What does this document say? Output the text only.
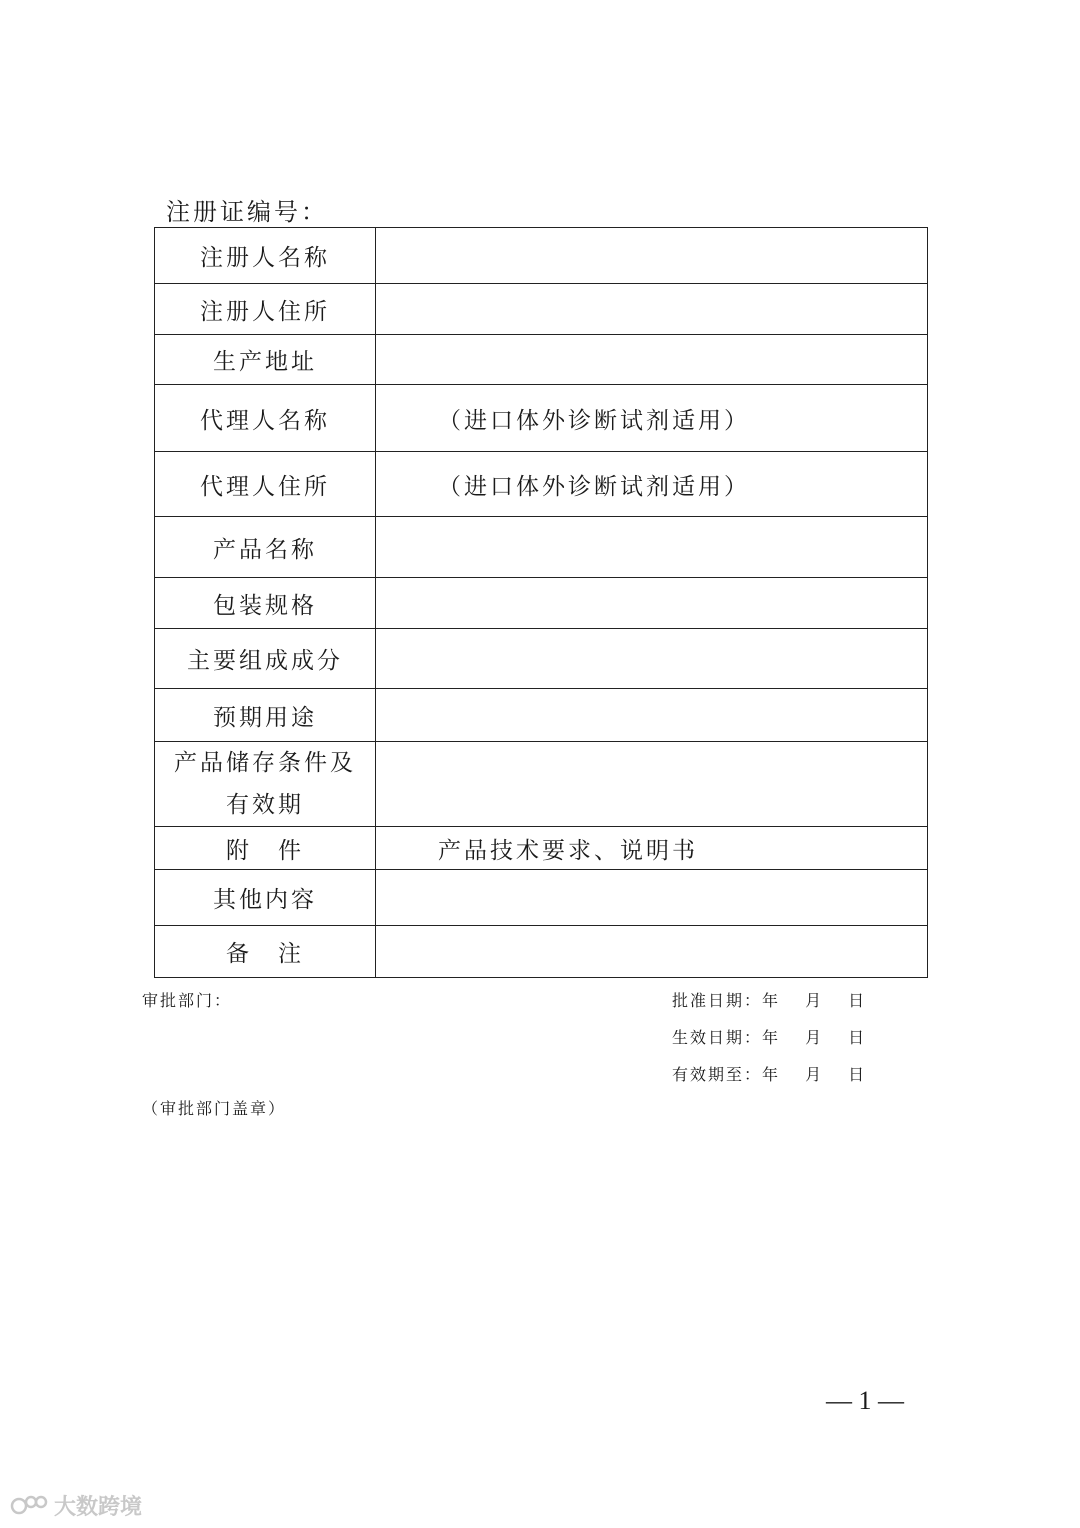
注册证编号：
注册人名称	
注册人住所	
生产地址	
代理人名称	（进口体外诊断试剂适用）
代理人住所	（进口体外诊断试剂适用）
产品名称	
包装规格	
主要组成成分	
预期用途	

产品储存条件及
有效期	

附　件	产品技术要求、说明书
其他内容	
备　注	
审批部门：	批准日期：年　 月　 日
生效日期：年　 月　 日
有效期至：年　 月　 日
（审批部门盖章）
— 1 —
大数跨境
